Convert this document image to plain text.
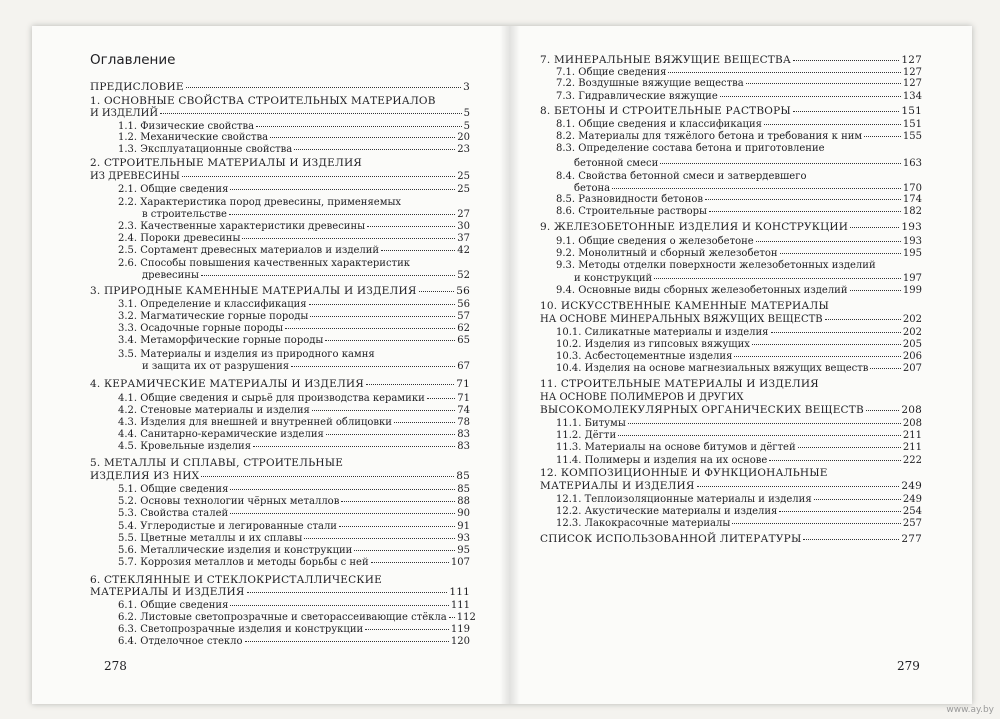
Оглавление
ПРЕДИСЛОВИЕ	3
1. ОСНОВНЫЕ СВОЙСТВА СТРОИТЕЛЬНЫХ МАТЕРИАЛОВ
И ИЗДЕЛИЙ	5
1.1. Физические свойства	5
1.2. Механические свойства	20
1.3. Эксплуатационные свойства	23
2. СТРОИТЕЛЬНЫЕ МАТЕРИАЛЫ И ИЗДЕЛИЯ
ИЗ ДРЕВЕСИНЫ	25
2.1. Общие сведения	25
2.2. Характеристика пород древесины, применяемых
в строительстве	27
2.3. Качественные характеристики древесины	30
2.4. Пороки древесины	37
2.5. Сортамент древесных материалов и изделий	42
2.6. Способы повышения качественных характеристик
древесины	52
3. ПРИРОДНЫЕ КАМЕННЫЕ МАТЕРИАЛЫ И ИЗДЕЛИЯ	56
3.1. Определение и классификация	56
3.2. Магматические горные породы	57
3.3. Осадочные горные породы	62
3.4. Метаморфические горные породы	65
3.5. Материалы и изделия из природного камня
и защита их от разрушения	67
4. КЕРАМИЧЕСКИЕ МАТЕРИАЛЫ И ИЗДЕЛИЯ	71
4.1. Общие сведения и сырьё для производства керамики	71
4.2. Стеновые материалы и изделия	74
4.3. Изделия для внешней и внутренней облицовки	78
4.4. Санитарно-керамические изделия	83
4.5. Кровельные изделия	83
5. МЕТАЛЛЫ И СПЛАВЫ, СТРОИТЕЛЬНЫЕ
ИЗДЕЛИЯ ИЗ НИХ	85
5.1. Общие сведения	85
5.2. Основы технологии чёрных металлов	88
5.3. Свойства сталей	90
5.4. Углеродистые и легированные стали	91
5.5. Цветные металлы и их сплавы	93
5.6. Металлические изделия и конструкции	95
5.7. Коррозия металлов и методы борьбы с ней	107
6. СТЕКЛЯННЫЕ И СТЕКЛОКРИСТАЛЛИЧЕСКИЕ
МАТЕРИАЛЫ И ИЗДЕЛИЯ	111
6.1. Общие сведения	111
6.2. Листовые светопрозрачные и светорассеивающие стёкла 112
6.3. Светопрозрачные изделия и конструкции	119
6.4. Отделочное стекло	120
7. МИНЕРАЛЬНЫЕ ВЯЖУЩИЕ ВЕЩЕСТВА	127
7.1. Общие сведения	127
7.2. Воздушные вяжущие вещества	127
7.3. Гидравлические вяжущие	134
8. БЕТОНЫ И СТРОИТЕЛЬНЫЕ РАСТВОРЫ	151
8.1. Общие сведения и классификация	151
8.2. Материалы для тяжёлого бетона и требования к ним	155
8.3. Определение состава бетона и приготовление
бетонной смеси	163
8.4. Свойства бетонной смеси и затвердевшего
бетона	170
8.5. Разновидности бетонов	174
8.6. Строительные растворы	182
9. ЖЕЛЕЗОБЕТОННЫЕ ИЗДЕЛИЯ И КОНСТРУКЦИИ	193
9.1. Общие сведения о железобетоне	193
9.2. Монолитный и сборный железобетон	195
9.3. Методы отделки поверхности железобетонных изделий
и конструкций	197
9.4. Основные виды сборных железобетонных изделий	199
10. ИСКУССТВЕННЫЕ КАМЕННЫЕ МАТЕРИАЛЫ
НА ОСНОВЕ МИНЕРАЛЬНЫХ ВЯЖУЩИХ ВЕЩЕСТВ	202
10.1. Силикатные материалы и изделия	202
10.2. Изделия из гипсовых вяжущих	205
10.3. Асбестоцементные изделия	206
10.4. Изделия на основе магнезиальных вяжущих веществ	207
11. СТРОИТЕЛЬНЫЕ МАТЕРИАЛЫ И ИЗДЕЛИЯ
НА ОСНОВЕ ПОЛИМЕРОВ И ДРУГИХ
ВЫСОКОМОЛЕКУЛЯРНЫХ ОРГАНИЧЕСКИХ ВЕЩЕСТВ	208
11.1. Битумы	208
11.2. Дёгти	211
11.3. Материалы на основе битумов и дёгтей	211
11.4. Полимеры и изделия на их основе	222
12. КОМПОЗИЦИОННЫЕ И ФУНКЦИОНАЛЬНЫЕ
МАТЕРИАЛЫ И ИЗДЕЛИЯ	249
12.1. Теплоизоляционные материалы и изделия	249
12.2. Акустические материалы и изделия	254
12.3. Лакокрасочные материалы	257
СПИСОК ИСПОЛЬЗОВАННОЙ ЛИТЕРАТУРЫ	277
278	279
www.ay.by
